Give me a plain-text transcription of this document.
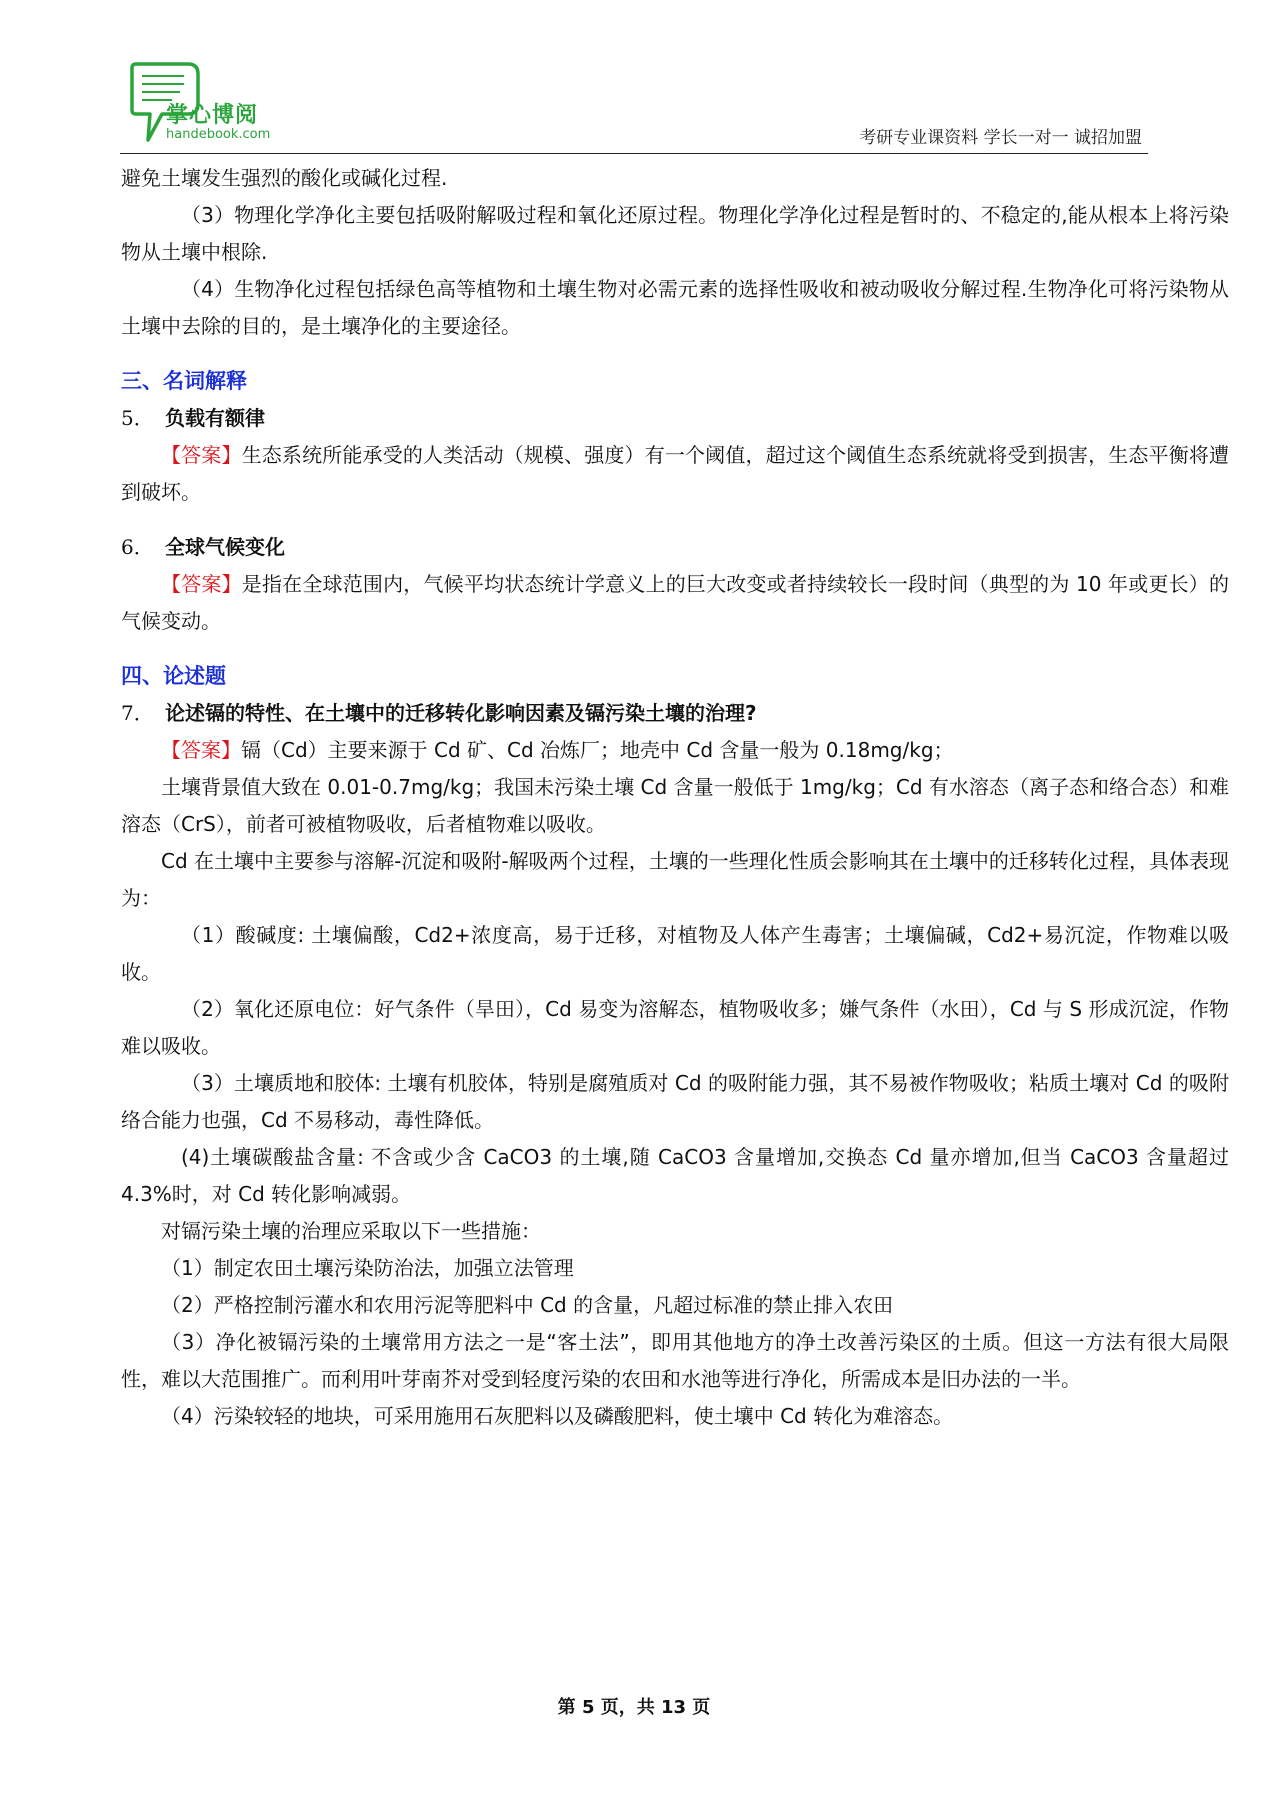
掌心博阅
handebook.com	考研专业课资料 学长一对一 诚招加盟

避免土壤发生强烈的酸化或碱化过程.

（3）物理化学净化主要包括吸附解吸过程和氧化还原过程。物理化学净化过程是暂时的、不稳定的,能从根本上将污染物从土壤中根除.

（4）生物净化过程包括绿色高等植物和土壤生物对必需元素的选择性吸收和被动吸收分解过程.生物净化可将污染物从土壤中去除的目的，是土壤净化的主要途径。

三、名词解释

5． 负载有额律

【答案】生态系统所能承受的人类活动（规模、强度）有一个阈值，超过这个阈值生态系统就将受到损害，生态平衡将遭到破坏。

6． 全球气候变化

【答案】是指在全球范围内，气候平均状态统计学意义上的巨大改变或者持续较长一段时间（典型的为 10 年或更长）的气候变动。

四、论述题

7． 论述镉的特性、在土壤中的迁移转化影响因素及镉污染土壤的治理?

【答案】镉（Cd）主要来源于 Cd 矿、Cd 冶炼厂；地壳中 Cd 含量一般为 0.18mg/kg；

土壤背景值大致在 0.01-0.7mg/kg；我国未污染土壤 Cd 含量一般低于 1mg/kg；Cd 有水溶态（离子态和络合态）和难溶态（CrS），前者可被植物吸收，后者植物难以吸收。

Cd 在土壤中主要参与溶解-沉淀和吸附-解吸两个过程，土壤的一些理化性质会影响其在土壤中的迁移转化过程，具体表现为：

（1）酸碱度: 土壤偏酸，Cd2+浓度高，易于迁移，对植物及人体产生毒害；土壤偏碱，Cd2+易沉淀，作物难以吸收。

（2）氧化还原电位：好气条件（旱田），Cd 易变为溶解态，植物吸收多；嫌气条件（水田），Cd 与 S 形成沉淀，作物难以吸收。

（3）土壤质地和胶体: 土壤有机胶体，特别是腐殖质对 Cd 的吸附能力强，其不易被作物吸收；粘质土壤对 Cd 的吸附络合能力也强，Cd 不易移动，毒性降低。

(4)土壤碳酸盐含量: 不含或少含 CaCO3 的土壤,随 CaCO3 含量增加,交换态 Cd 量亦增加,但当 CaCO3 含量超过 4.3%时，对 Cd 转化影响减弱。

对镉污染土壤的治理应采取以下一些措施：

（1）制定农田土壤污染防治法，加强立法管理

（2）严格控制污灌水和农用污泥等肥料中 Cd 的含量，凡超过标准的禁止排入农田

（3）净化被镉污染的土壤常用方法之一是“客土法”，即用其他地方的净土改善污染区的土质。但这一方法有很大局限性，难以大范围推广。而利用叶芽南芥对受到轻度污染的农田和水池等进行净化，所需成本是旧办法的一半。

（4）污染较轻的地块，可采用施用石灰肥料以及磷酸肥料，使土壤中 Cd 转化为难溶态。

第 5 页，共 13 页
